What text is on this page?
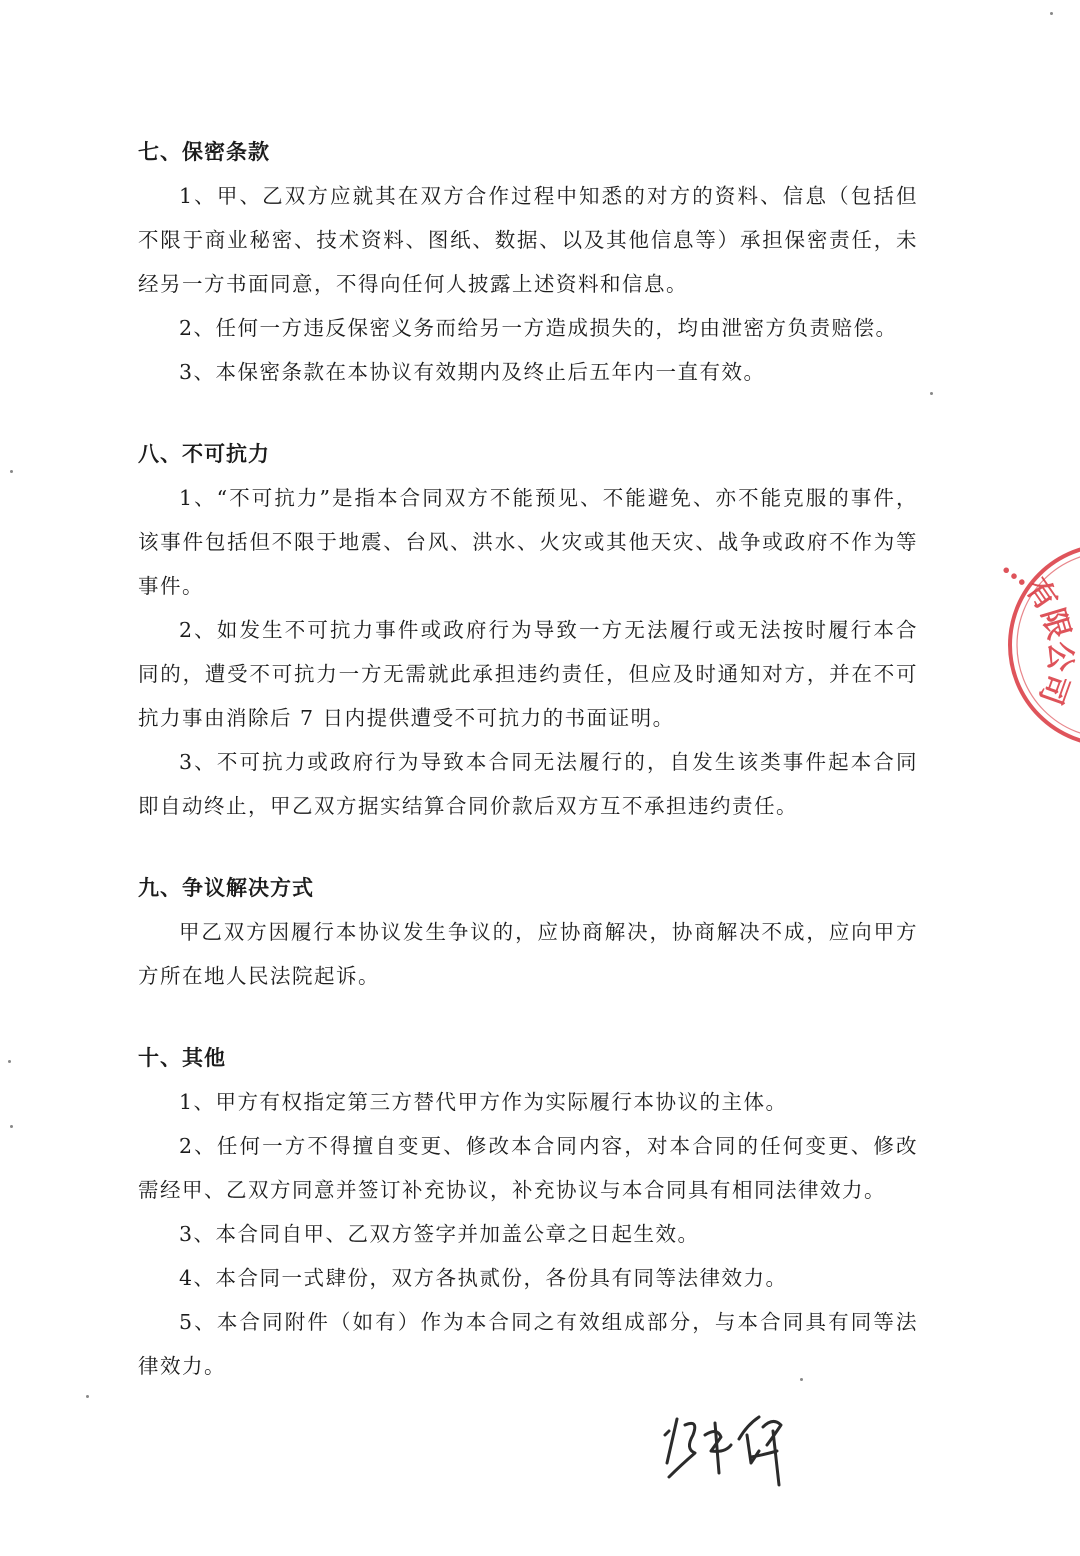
七、保密条款

1、甲、乙双方应就其在双方合作过程中知悉的对方的资料、信息（包括但不限于商业秘密、技术资料、图纸、数据、以及其他信息等）承担保密责任，未经另一方书面同意，不得向任何人披露上述资料和信息。

2、任何一方违反保密义务而给另一方造成损失的，均由泄密方负责赔偿。

3、本保密条款在本协议有效期内及终止后五年内一直有效。

八、不可抗力

1、“不可抗力”是指本合同双方不能预见、不能避免、亦不能克服的事件，该事件包括但不限于地震、台风、洪水、火灾或其他天灾、战争或政府不作为等事件。

2、如发生不可抗力事件或政府行为导致一方无法履行或无法按时履行本合同的，遭受不可抗力一方无需就此承担违约责任，但应及时通知对方，并在不可抗力事由消除后 7 日内提供遭受不可抗力的书面证明。

3、不可抗力或政府行为导致本合同无法履行的，自发生该类事件起本合同即自动终止，甲乙双方据实结算合同价款后双方互不承担违约责任。

九、争议解决方式

甲乙双方因履行本协议发生争议的，应协商解决，协商解决不成，应向甲方方所在地人民法院起诉。

十、其他

1、甲方有权指定第三方替代甲方作为实际履行本协议的主体。

2、任何一方不得擅自变更、修改本合同内容，对本合同的任何变更、修改需经甲、乙双方同意并签订补充协议，补充协议与本合同具有相同法律效力。

3、本合同自甲、乙双方签字并加盖公章之日起生效。

4、本合同一式肆份，双方各执贰份，各份具有同等法律效力。

5、本合同附件（如有）作为本合同之有效组成部分，与本合同具有同等法律效力。

…有限公司
